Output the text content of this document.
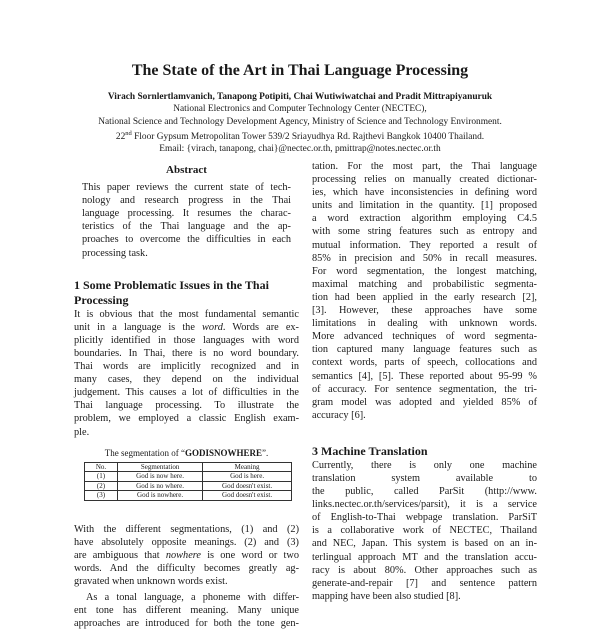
The State of the Art in Thai Language Processing
Virach Sornlertlamvanich, Tanapong Potipiti, Chai Wutiwiwatchai and Pradit Mittrapiyanuruk
National Electronics and Computer Technology Center (NECTEC),
National Science and Technology Development Agency, Ministry of Science and Technology Environment.
22nd Floor Gypsum Metropolitan Tower 539/2 Sriayudhya Rd. Rajthevi Bangkok 10400 Thailand.
Email: {virach, tanapong, chai}@nectec.or.th, pmittrap@notes.nectec.or.th
Abstract
This paper reviews the current state of tech-
nology and research progress in the Thai
language processing. It resumes the charac-
teristics of the Thai language and the ap-
proaches to overcome the difficulties in each
processing task.
1 Some Problematic Issues in the Thai
Processing
It is obvious that the most fundamental semantic
unit in a language is the word. Words are ex-
plicitly identified in those languages with word
boundaries. In Thai, there is no word boundary.
Thai words are implicitly recognized and in
many cases, they depend on the individual
judgement. This causes a lot of difficulties in the
Thai language processing. To illustrate the
problem, we employed a classic English exam-
ple.
The segmentation of “GODISNOWHERE”.
No.	Segmentation	Meaning
(1)	God is now here.	God is here.
(2)	God is no where.	God doesn't exist.
(3)	God is nowhere.	God doesn't exist.
With the different segmentations, (1) and (2)
have absolutely opposite meanings. (2) and (3)
are ambiguous that nowhere is one word or two
words. And the difficulty becomes greatly ag-
gravated when unknown words exist.
As a tonal language, a phoneme with differ-
ent tone has different meaning. Many unique
approaches are introduced for both the tone gen-
tation. For the most part, the Thai language
processing relies on manually created dictionar-
ies, which have inconsistencies in defining word
units and limitation in the quantity. [1] proposed
a word extraction algorithm employing C4.5
with some string features such as entropy and
mutual information. They reported a result of
85% in precision and 50% in recall measures.
For word segmentation, the longest matching,
maximal matching and probabilistic segmenta-
tion had been applied in the early research [2],
[3]. However, these approaches have some
limitations in dealing with unknown words.
More advanced techniques of word segmenta-
tion captured many language features such as
context words, parts of speech, collocations and
semantics [4], [5]. These reported about 95-99 %
of accuracy. For sentence segmentation, the tri-
gram model was adopted and yielded 85% of
accuracy [6].
3 Machine Translation
Currently, there is only one machine
translation system available to
the public, called ParSit (http://www.
links.nectec.or.th/services/parsit), it is a service
of English-to-Thai webpage translation. ParSiT
is a collaborative work of NECTEC, Thailand
and NEC, Japan. This system is based on an in-
terlingual approach MT and the translation accu-
racy is about 80%. Other approaches such as
generate-and-repair [7] and sentence pattern
mapping have been also studied [8].
